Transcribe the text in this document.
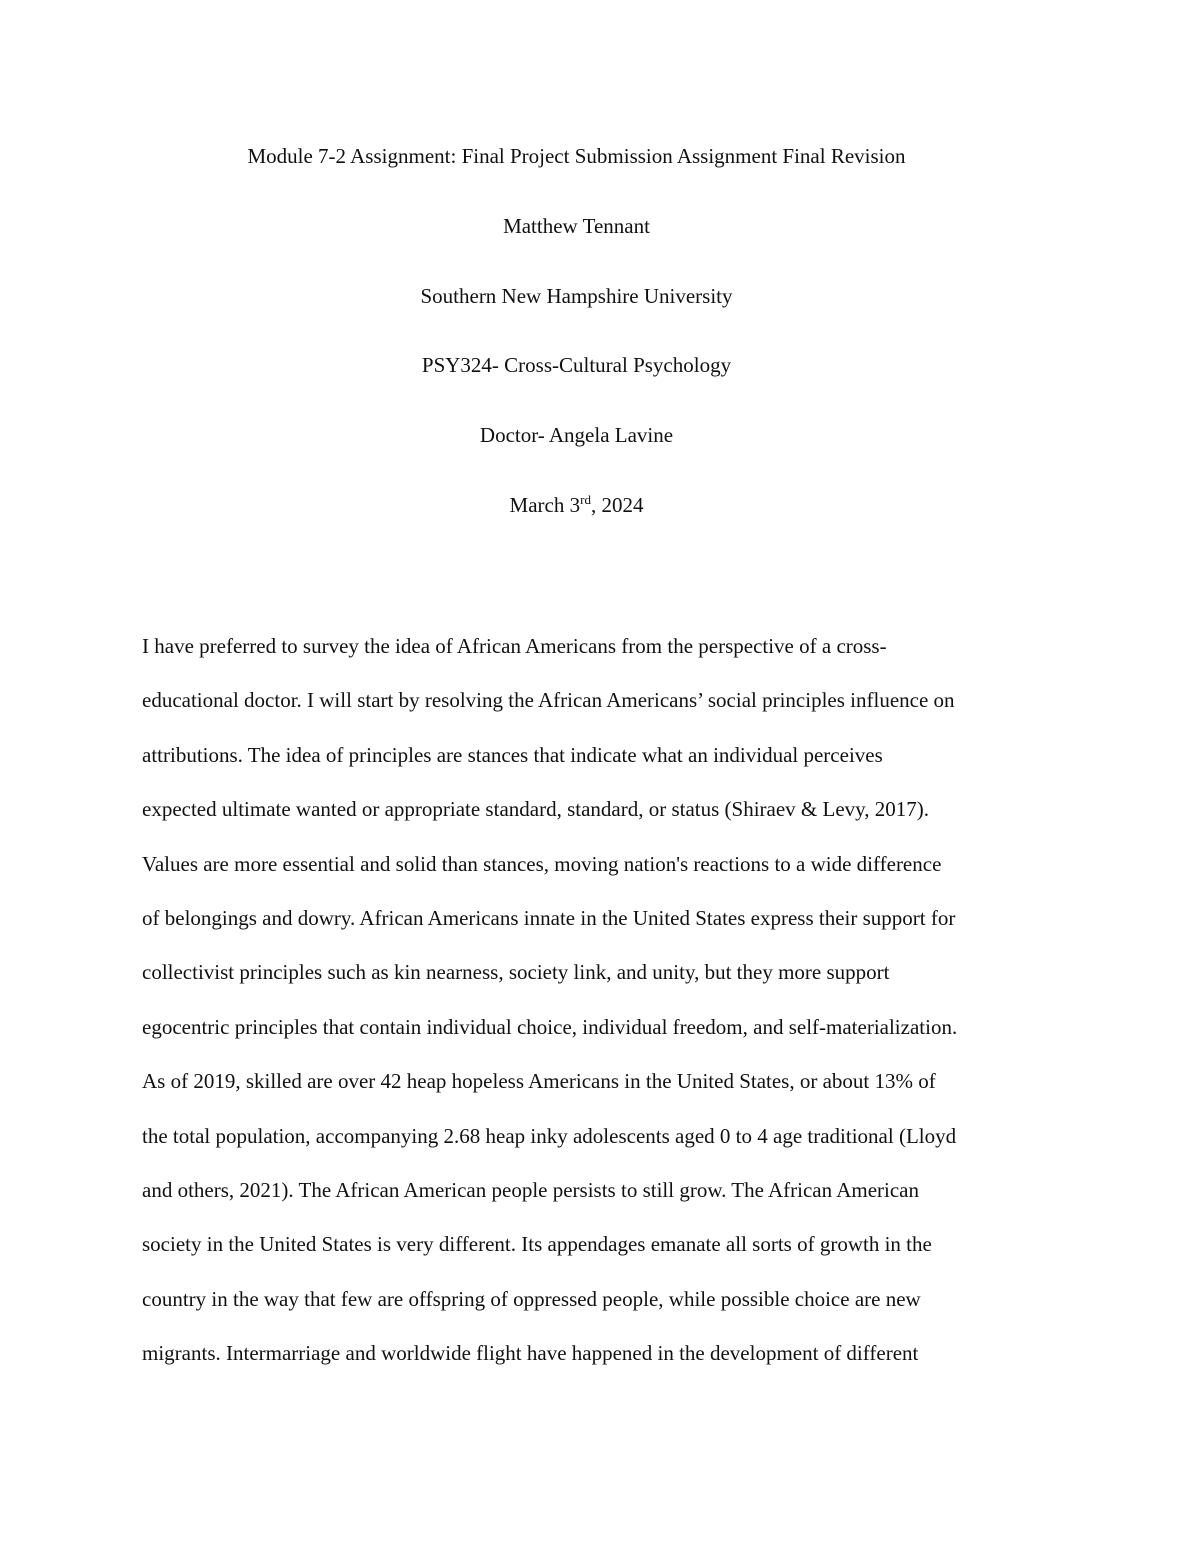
Module 7-2 Assignment: Final Project Submission Assignment Final Revision
Matthew Tennant
Southern New Hampshire University
PSY324- Cross-Cultural Psychology
Doctor- Angela Lavine
March 3rd, 2024
I have preferred to survey the idea of African Americans from the perspective of a cross-
educational doctor. I will start by resolving the African Americans’ social principles influence on
attributions. The idea of principles are stances that indicate what an individual perceives
expected ultimate wanted or appropriate standard, standard, or status (Shiraev & Levy, 2017).
Values are more essential and solid than stances, moving nation's reactions to a wide difference
of belongings and dowry. African Americans innate in the United States express their support for
collectivist principles such as kin nearness, society link, and unity, but they more support
egocentric principles that contain individual choice, individual freedom, and self-materialization.
As of 2019, skilled are over 42 heap hopeless Americans in the United States, or about 13% of
the total population, accompanying 2.68 heap inky adolescents aged 0 to 4 age traditional (Lloyd
and others, 2021). The African American people persists to still grow. The African American
society in the United States is very different. Its appendages emanate all sorts of growth in the
country in the way that few are offspring of oppressed people, while possible choice are new
migrants. Intermarriage and worldwide flight have happened in the development of different
